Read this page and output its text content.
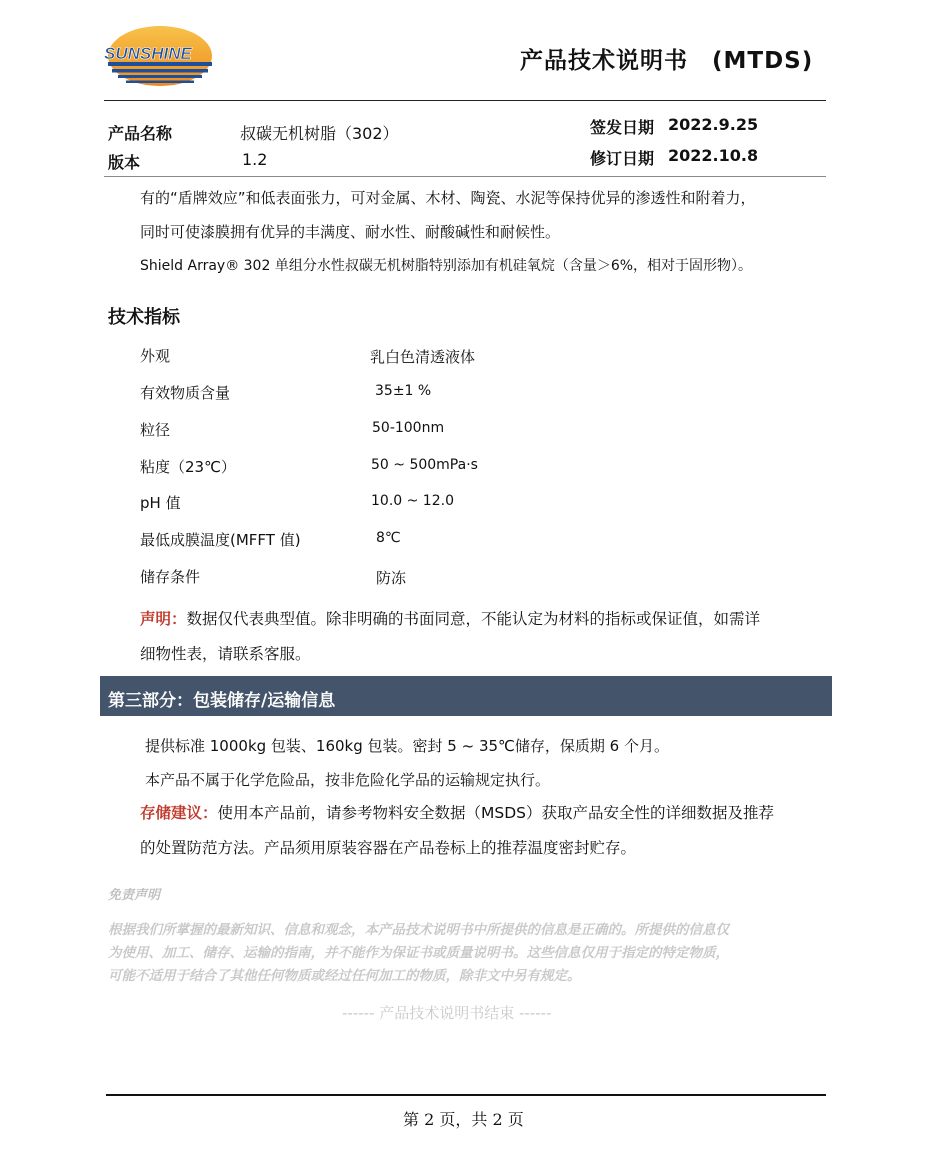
SUNSHINE	产品技术说明书　(MTDS)
产品名称	叔碳无机树脂（302）
版本	1.2
签发日期 2022.9.25
修订日期 2022.10.8
有的“盾牌效应”和低表面张力，可对金属、木材、陶瓷、水泥等保持优异的渗透性和附着力，
同时可使漆膜拥有优异的丰满度、耐水性、耐酸碱性和耐候性。
Shield Array® 302 单组分水性叔碳无机树脂特别添加有机硅氧烷（含量＞6%，相对于固形物）。
技术指标
外观	乳白色清透液体
有效物质含量	35±1 %
粒径	50-100nm
粘度（23℃）	50 ~ 500mPa·s
pH 值	10.0 ~ 12.0
最低成膜温度(MFFT 值)	8℃
储存条件	防冻
声明：数据仅代表典型值。除非明确的书面同意，不能认定为材料的指标或保证值，如需详
细物性表，请联系客服。
第三部分：包装储存/运输信息
提供标准 1000kg 包装、160kg 包装。密封 5 ~ 35℃储存，保质期 6 个月。
本产品不属于化学危险品，按非危险化学品的运输规定执行。
存储建议：使用本产品前，请参考物料安全数据（MSDS）获取产品安全性的详细数据及推荐
的处置防范方法。产品须用原装容器在产品卷标上的推荐温度密封贮存。
免责声明
根据我们所掌握的最新知识、信息和观念，本产品技术说明书中所提供的信息是正确的。所提供的信息仅
为使用、加工、储存、运输的指南，并不能作为保证书或质量说明书。这些信息仅用于指定的特定物质，
可能不适用于结合了其他任何物质或经过任何加工的物质，除非文中另有规定。
------ 产品技术说明书结束 ------
第 2 页，共 2 页
